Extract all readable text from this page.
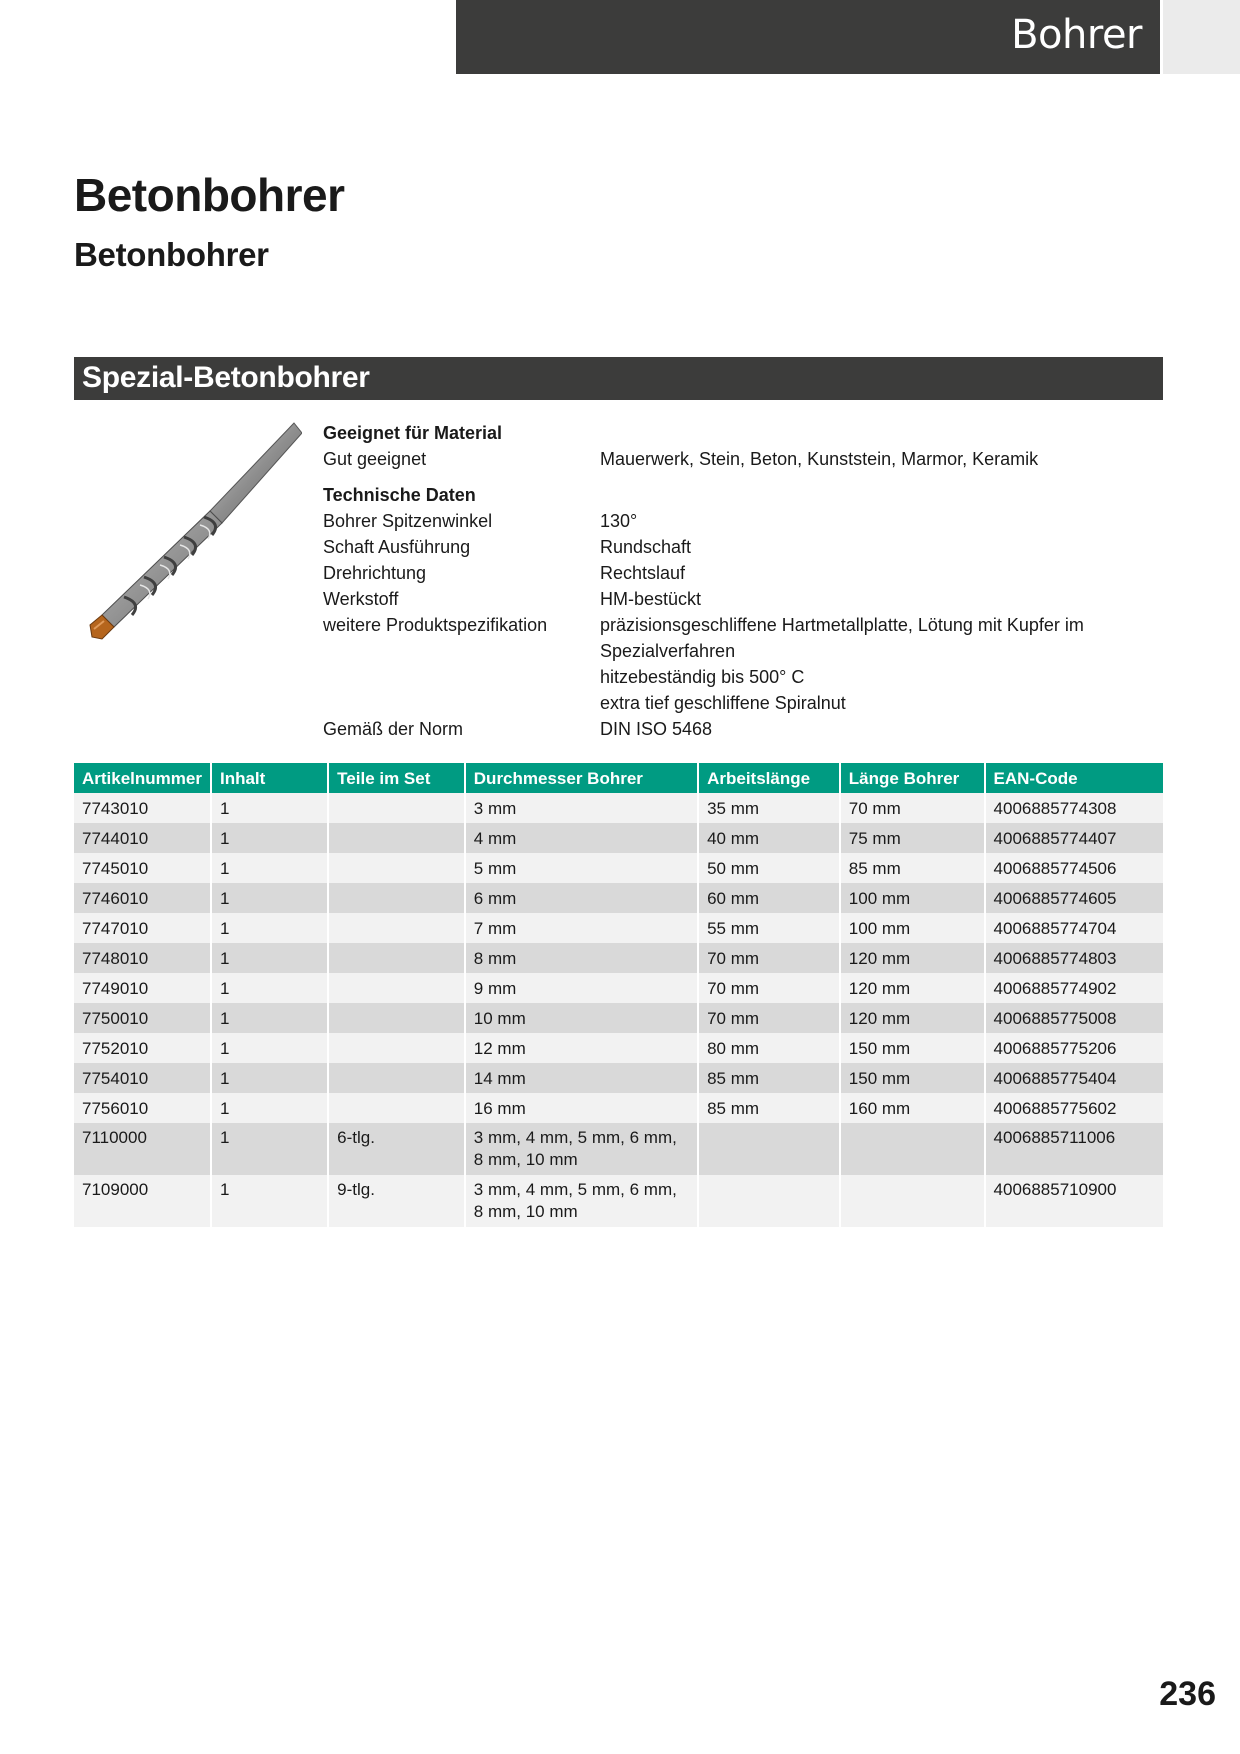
Bohrer
Betonbohrer
Betonbohrer
Spezial-Betonbohrer
Geeignet für Material
Gut geeignet	Mauerwerk, Stein, Beton, Kunststein, Marmor, Keramik
Technische Daten
Bohrer Spitzenwinkel	130°
Schaft Ausführung	Rundschaft
Drehrichtung	Rechtslauf
Werkstoff	HM-bestückt
weitere Produktspezifikation	präzisionsgeschliffene Hartmetallplatte, Lötung mit Kupfer im Spezialverfahren
hitzebeständig bis 500° C
extra tief geschliffene Spiralnut
Gemäß der Norm	DIN ISO 5468
Artikelnummer	Inhalt	Teile im Set	Durchmesser Bohrer	Arbeitslänge	Länge Bohrer	EAN-Code
7743010	1		3 mm	35 mm	70 mm	4006885774308
7744010	1		4 mm	40 mm	75 mm	4006885774407
7745010	1		5 mm	50 mm	85 mm	4006885774506
7746010	1		6 mm	60 mm	100 mm	4006885774605
7747010	1		7 mm	55 mm	100 mm	4006885774704
7748010	1		8 mm	70 mm	120 mm	4006885774803
7749010	1		9 mm	70 mm	120 mm	4006885774902
7750010	1		10 mm	70 mm	120 mm	4006885775008
7752010	1		12 mm	80 mm	150 mm	4006885775206
7754010	1		14 mm	85 mm	150 mm	4006885775404
7756010	1		16 mm	85 mm	160 mm	4006885775602
7110000	1	6-tlg.	3 mm, 4 mm, 5 mm, 6 mm, 8 mm, 10 mm			4006885711006
7109000	1	9-tlg.	3 mm, 4 mm, 5 mm, 6 mm, 8 mm, 10 mm			4006885710900
236
